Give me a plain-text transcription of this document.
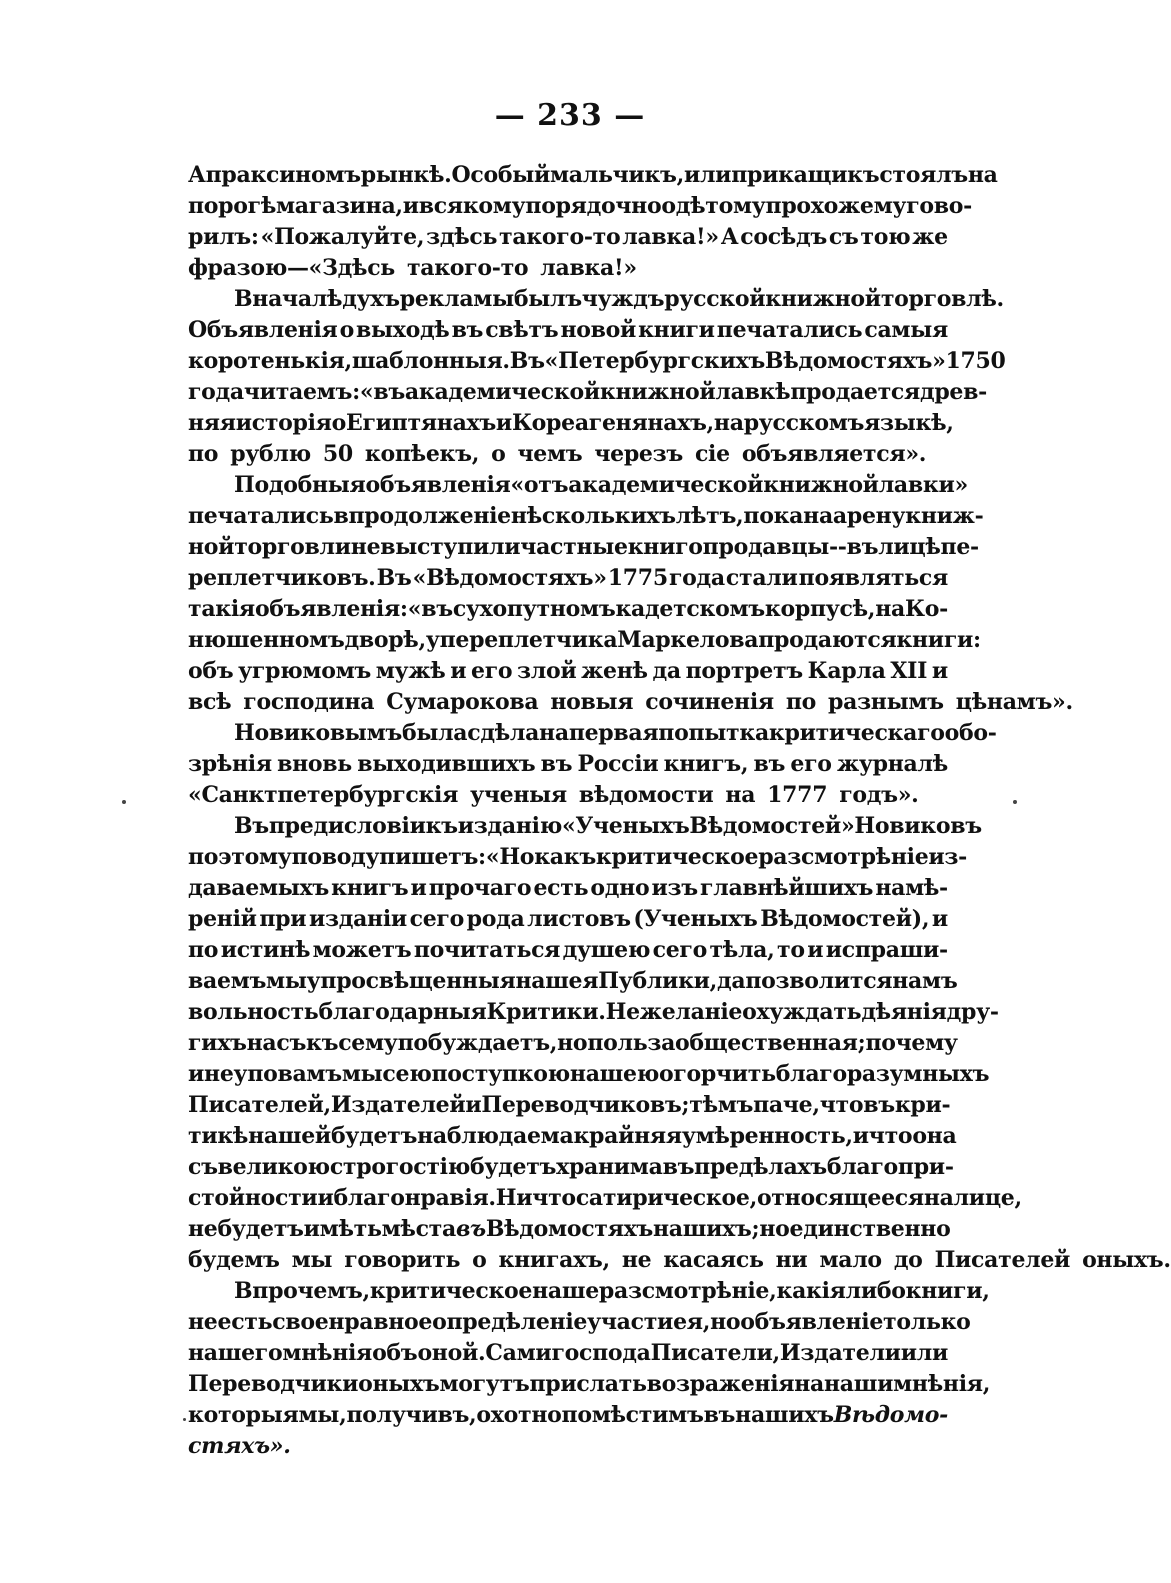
— 233 —
Апраксиномъ рынкѣ. Особый мальчикъ, или прикащикъ стоялъ на
порогѣ магазина, и всякому порядочно одѣтому прохожему гово-
рилъ: «Пожалуйте, здѣсь такого-то лавка!» А сосѣдъ съ тою же
фразою—«Здѣсь такого-то лавка!»
Вначалѣ духъ рекламы былъ чуждъ русской книжной торговлѣ.
Объявленія о выходѣ въ свѣтъ новой книги печатались самыя
коротенькія, шаблонныя. Въ «Петербургскихъ Вѣдомостяхъ» 1750
года читаемъ: «въ академической книжной лавкѣ продается древ-
няя исторія о Египтянахъ и Кореагенянахъ, на русскомъ языкѣ,
по рублю 50 копѣекъ, о чемъ черезъ сіе объявляется».
Подобныя объявленія «отъ академической книжной лавки»
печатались впродолженіе нѣсколькихъ лѣтъ, пока на арену книж-
ной торговли не выступили частные книгопродавцы--въ лицѣ пе-
реплетчиковъ. Въ «Вѣдомостяхъ» 1775 года стали появляться
такія объявленія: «въ сухопутномъ кадетскомъ корпусѣ, на Ко-
нюшенномъ дворѣ, у переплетчика Маркелова продаются книги:
объ угрюмомъ мужѣ и его злой женѣ да портретъ Карла XII и
всѣ господина Сумарокова новыя сочиненія по разнымъ цѣнамъ».
Новиковымъ была сдѣлана первая попытка критическаго обо-
зрѣнія вновь выходившихъ въ Россіи книгъ, въ его журналѣ
«Санктпетербургскія ученыя вѣдомости на 1777 годъ».
Въ предисловіи къ изданію «Ученыхъ Вѣдомостей» Новиковъ
по этому поводу пишетъ: «Но какъ критическое разсмотрѣніе из-
даваемыхъ книгъ и прочаго есть одно изъ главнѣйшихъ намѣ-
реній при изданіи сего рода листовъ (Ученыхъ Вѣдомостей), и
по истинѣ можетъ почитаться душею сего тѣла, то и испраши-
ваемъ мы у просвѣщенныя нашея Публики, да позволится намъ
вольность благодарныя Критики. Не желаніе охуждать дѣянія дру-
гихъ насъ къ сему побуждаетъ, но польза общественная; почему
и не уповамъ мы сею поступкою нашею огорчить благоразумныхъ
Писателей, Издателей и Переводчиковъ; тѣмъ паче, что въ кри-
тикѣ нашей будетъ наблюдаема крайняя умѣренность, и что она
съ великою строгостію будетъ хранима въ предѣлахъ благопри-
стойности и благонравія. Ни что сатирическое, относящееся на лице,
не будетъ имѣть мѣста въ Вѣдомостяхъ нашихъ; но единственно
будемъ мы говорить о книгахъ, не касаясь ни мало до Писателей оныхъ.
Впрочемъ, критическое наше разсмотрѣніе, какія либо книги,
не есть своенравное опредѣленіе участи ея, но объявленіе только
нашего мнѣнія объ оной. Сами господа Писатели, Издатели или
Переводчики оныхъ могутъ прислать возраженія на наши мнѣнія,
которыя мы, получивъ, охотно помѣстимъ въ нашихъ Вѣдомо-
стяхъ».
